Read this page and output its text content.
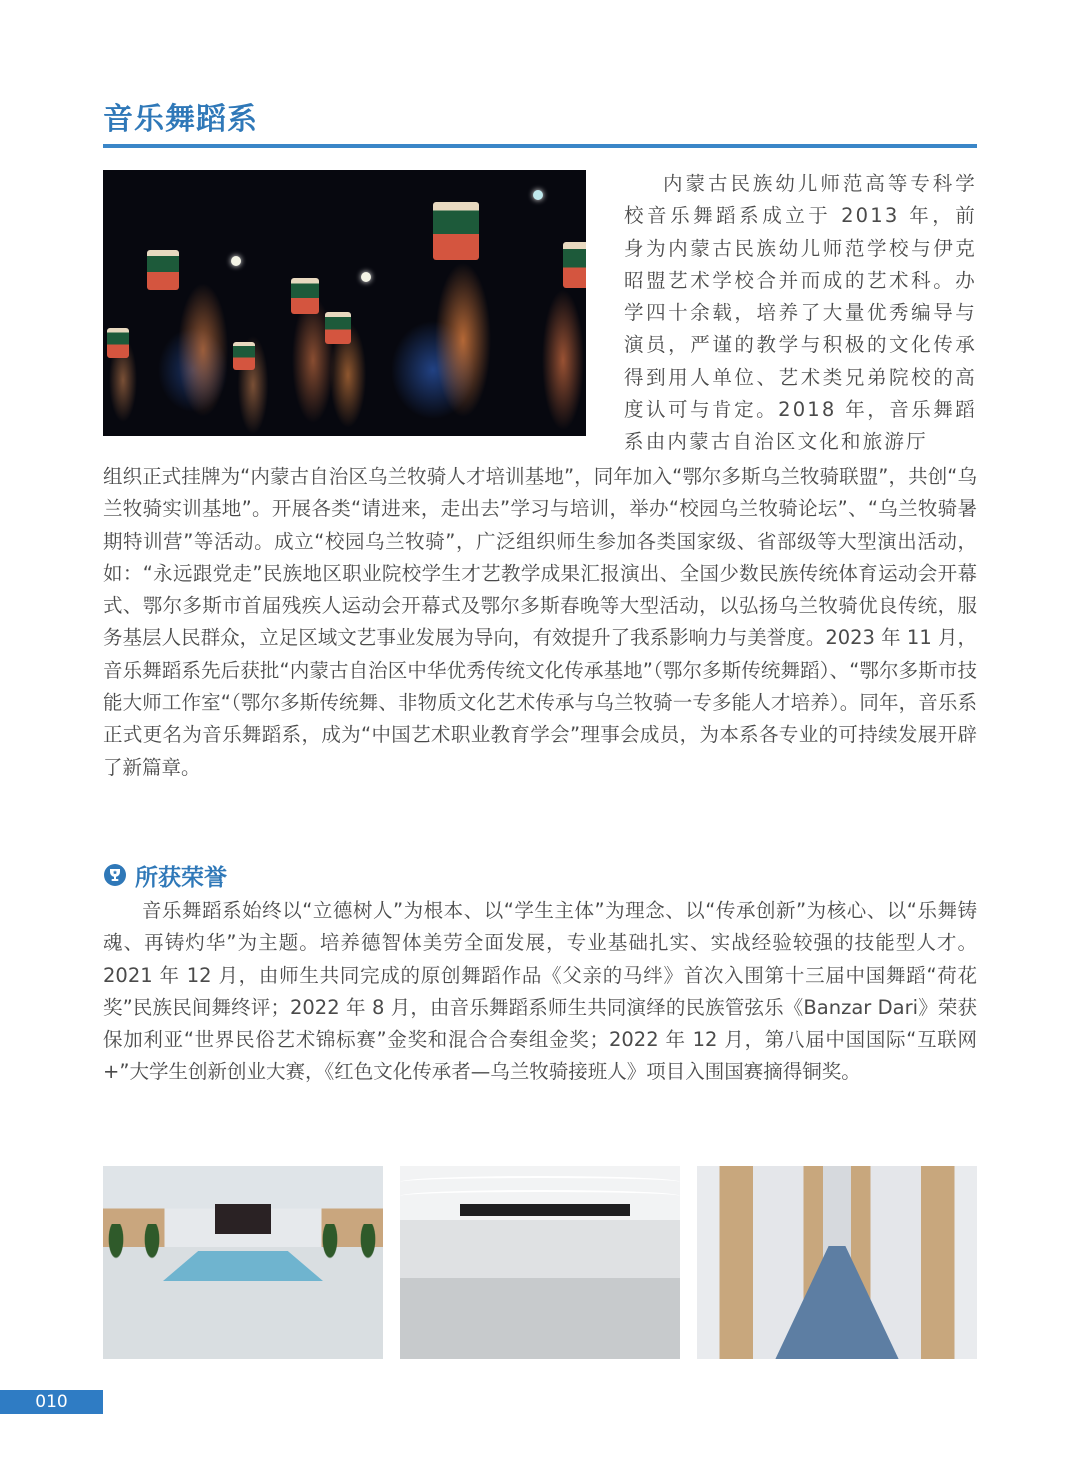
音乐舞蹈系

内蒙古民族幼儿师范高等专科学校音乐舞蹈系成立于 2013 年，前身为内蒙古民族幼儿师范学校与伊克昭盟艺术学校合并而成的艺术科。办学四十余载，培养了大量优秀编导与演员，严谨的教学与积极的文化传承得到用人单位、艺术类兄弟院校的高度认可与肯定。2018 年，音乐舞蹈系由内蒙古自治区文化和旅游厅

组织正式挂牌为“内蒙古自治区乌兰牧骑人才培训基地”，同年加入“鄂尔多斯乌兰牧骑联盟”，共创“乌兰牧骑实训基地”。开展各类“请进来，走出去”学习与培训，举办“校园乌兰牧骑论坛”、“乌兰牧骑暑期特训营”等活动。成立“校园乌兰牧骑”，广泛组织师生参加各类国家级、省部级等大型演出活动，如：“永远跟党走”民族地区职业院校学生才艺教学成果汇报演出、全国少数民族传统体育运动会开幕式、鄂尔多斯市首届残疾人运动会开幕式及鄂尔多斯春晚等大型活动，以弘扬乌兰牧骑优良传统，服务基层人民群众，立足区域文艺事业发展为导向，有效提升了我系影响力与美誉度。2023 年 11 月，音乐舞蹈系先后获批“内蒙古自治区中华优秀传统文化传承基地”（鄂尔多斯传统舞蹈）、“鄂尔多斯市技能大师工作室“（鄂尔多斯传统舞、非物质文化艺术传承与乌兰牧骑一专多能人才培养）。同年，音乐系正式更名为音乐舞蹈系，成为“中国艺术职业教育学会”理事会成员，为本系各专业的可持续发展开辟了新篇章。

所获荣誉

音乐舞蹈系始终以“立德树人”为根本、以“学生主体”为理念、以“传承创新”为核心、以“乐舞铸魂、再铸灼华”为主题。培养德智体美劳全面发展，专业基础扎实、实战经验较强的技能型人才。2021 年 12 月，由师生共同完成的原创舞蹈作品《父亲的马绊》首次入围第十三届中国舞蹈“荷花奖”民族民间舞终评；2022 年 8 月，由音乐舞蹈系师生共同演绎的民族管弦乐《Banzar Dari》荣获保加利亚“世界民俗艺术锦标赛”金奖和混合合奏组金奖；2022 年 12 月，第八届中国国际“互联网 +”大学生创新创业大赛，《红色文化传承者—乌兰牧骑接班人》项目入围国赛摘得铜奖。

010
